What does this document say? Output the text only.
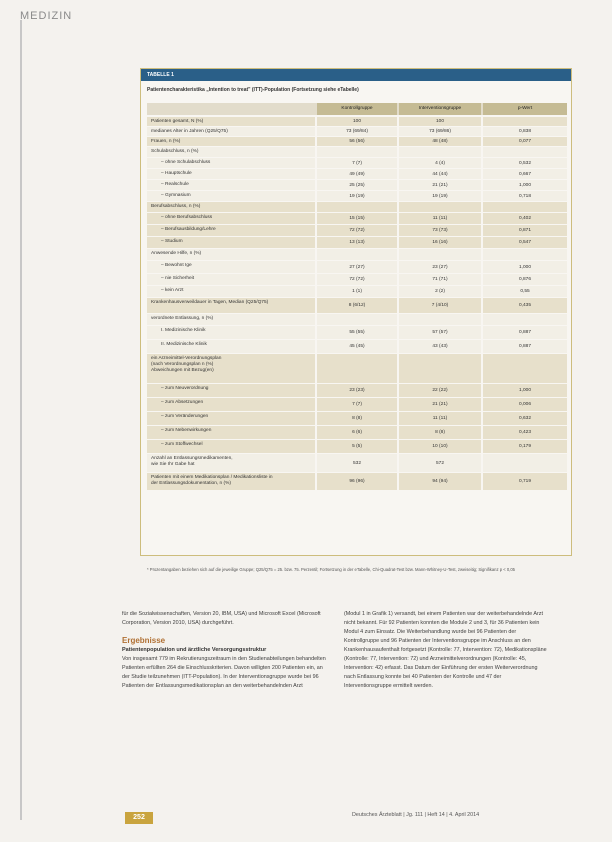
MEDIZIN
TABELLE 1
Patientencharakteristika „Intention to treat" (ITT)-Population (Fortsetzung siehe eTabelle)
Kontrollgruppe	Interventionsgruppe	p-Wert
Patienten gesamt, N (%)	100	100
medianes Alter in Jahren (Q25/Q75)	73 (69/84)	73 (69/86)	0,838
Frauen, n (%)	56 (56)	48 (48)	0,077
Schulabschluss, n (%)
– ohne Schulabschluss	7 (7)	4 (4)	0,532
– Hauptschule	49 (49)	44 (44)	0,667
– Realschule	25 (25)	21 (21)	1,000
– Gymnasium	19 (19)	19 (19)	0,718
Berufsabschluss, n (%)
– ohne Berufsabschluss	15 (15)	11 (11)	0,402
– Berufsausbildung/Lehre	72 (72)	73 (73)	0,871
– Studium	13 (13)	16 (16)	0,547
Anwesende Hilfe, n (%)
– Bewohnt Ige	27 (27)	23 (27)	1,000
– nie Sicherheit	72 (72)	71 (71)	0,876
– kein Arzt	1 (1)	2 (2)	0,55
Krankenhausverweildauer in Tagen, Median (Q25/Q75)
8 (6/12)	7 (4/10)	0,435
verordnete Entlassung, n (%)
I. Medizinische Klinik	55 (55)	57 (57)	0,887
II. Medizinische Klinik	45 (45)	43 (43)	0,887
ein Arzneimittel-Verordnungsplan
(nach Verordnungsplan n (%)
Abweichungen mit Bezug(en)
– zum Neuverordnung	23 (23)	22 (22)	1,000
– zum Absetzungen	7 (7)	21 (21)	0,006
– zum Veränderungen	8 (8)	11 (11)	0,632
– zum Nebenwirkungen	6 (6)	8 (8)	0,423
– zum Stoffwechsel	5 (5)	10 (10)	0,179
Anzahl an Entlassungsmedikamenten,
wie Sie Ihr Gabe hat	532	572
Patienten mit einem Medikationsplan / Medikationsliste in
der Entlassungsdokumentation, n (%)	96 (96)	94 (94)	0,719
* Prozentangaben beziehen sich auf die jeweilige Gruppe; Q25/Q75 = 25. bzw. 75. Perzentil; Fortsetzung in der eTabelle, Chi-Quadrat-Test bzw. Mann-Whitney-U-Test, zweiseitig; Signifikanz p < 0,05
für die Sozialwissenschaften, Version 20, IBM, USA) und Microsoft Excel (Microsoft Corporation, Version 2010, USA) durchgeführt.
Ergebnisse
Patientenpopulation und ärztliche Versorgungsstruktur
Von insgesamt 779 im Rekrutierungszeitraum in den Studienabteilungen behandelten Patienten erfüllten 264 die Einschlusskriterien. Davon willigten 200 Patienten ein, an der Studie teilzunehmen (ITT-Population). In der Interventionsgruppe wurde bei 96 Patienten der Entlassungsmedikationsplan an den weiterbehandelnden Arzt
(Modul 1 in Grafik 1) versandt, bei einem Patienten war der weiterbehandelnde Arzt nicht bekannt. Für 92 Patienten konnten die Module 2 und 3, für 36 Patienten kein Modul 4 zum Einsatz. Die Weiterbehandlung wurde bei 96 Patienten der Kontrollgruppe und 96 Patienten der Interventionsgruppe im Anschluss an den Krankenhausaufenthalt fortgesetzt (Kontrolle: 77, Intervention: 72), Medikationspläne (Kontrolle: 77, Intervention: 72) und Arzneimittelverordnungen (Kontrolle: 45, Intervention: 42) erfasst. Das Datum der Einführung der ersten Weiterverordnung nach Entlassung konnte bei 40 Patienten der Kontrolle und 47 der Interventionsgruppe ermittelt werden.
252	Deutsches Ärzteblatt | Jg. 111 | Heft 14 | 4. April 2014
